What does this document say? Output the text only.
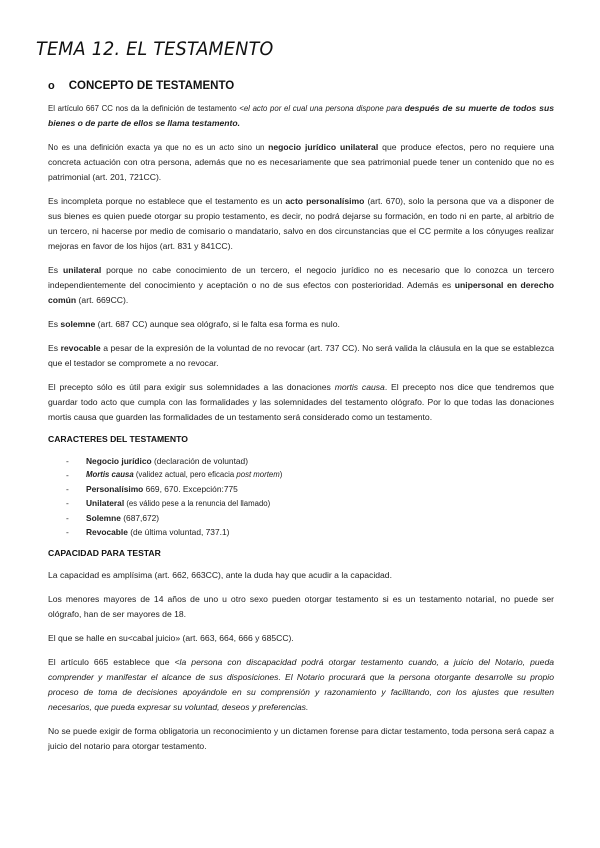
TEMA 12. EL TESTAMENTO
o CONCEPTO DE TESTAMENTO

El artículo 667 CC nos da la definición de testamento <el acto por el cual una persona dispone para después de su muerte de todos sus bienes o de parte de ellos se llama testamento.

No es una definición exacta ya que no es un acto sino un negocio jurídico unilateral que produce efectos, pero no requiere una concreta actuación con otra persona, además que no es necesariamente que sea patrimonial puede tener un contenido que no es patrimonial (art. 201, 721CC).

Es incompleta porque no establece que el testamento es un acto personalísimo (art. 670), solo la persona que va a disponer de sus bienes es quien puede otorgar su propio testamento, es decir, no podrá dejarse su formación, en todo ni en parte, al arbitrio de un tercero, ni hacerse por medio de comisario o mandatario, salvo en dos circunstancias que el CC permite a los cónyuges realizar mejoras en favor de los hijos (art. 831 y 841CC).

Es unilateral porque no cabe conocimiento de un tercero, el negocio jurídico no es necesario que lo conozca un tercero independientemente del conocimiento y aceptación o no de sus efectos con posterioridad. Además es unipersonal en derecho común (art. 669CC).

Es solemne (art. 687 CC) aunque sea ológrafo, si le falta esa forma es nulo.

Es revocable a pesar de la expresión de la voluntad de no revocar (art. 737 CC). No será valida la cláusula en la que se establezca que el testador se compromete a no revocar.

El precepto sólo es útil para exigir sus solemnidades a las donaciones mortis causa. El precepto nos dice que tendremos que guardar todo acto que cumpla con las formalidades y las solemnidades del testamento ológrafo. Por lo que todas las donaciones mortis causa que guarden las formalidades de un testamento será considerado como un testamento.

CARACTERES DEL TESTAMENTO
-	Negocio jurídico (declaración de voluntad)
-	Mortis causa (validez actual, pero eficacia post mortem)
-	Personalísimo 669, 670. Excepción:775
-	Unilateral (es válido pese a la renuncia del llamado)
-	Solemne (687,672)
-	Revocable (de última voluntad, 737.1)
CAPACIDAD PARA TESTAR

La capacidad es amplísima (art. 662, 663CC), ante la duda hay que acudir a la capacidad.

Los menores mayores de 14 años de uno u otro sexo pueden otorgar testamento si es un testamento notarial, no puede ser ológrafo, han de ser mayores de 18.

El que se halle en su<cabal juicio» (art. 663, 664, 666 y 685CC).

El artículo 665 establece que <la persona con discapacidad podrá otorgar testamento cuando, a juicio del Notario, pueda comprender y manifestar el alcance de sus disposiciones. El Notario procurará que la persona otorgante desarrolle su propio proceso de toma de decisiones apoyándole en su comprensión y razonamiento y facilitando, con los ajustes que resulten necesarios, que pueda expresar su voluntad, deseos y preferencias.

No se puede exigir de forma obligatoria un reconocimiento y un dictamen forense para dictar testamento, toda persona será capaz a juicio del notario para otorgar testamento.
